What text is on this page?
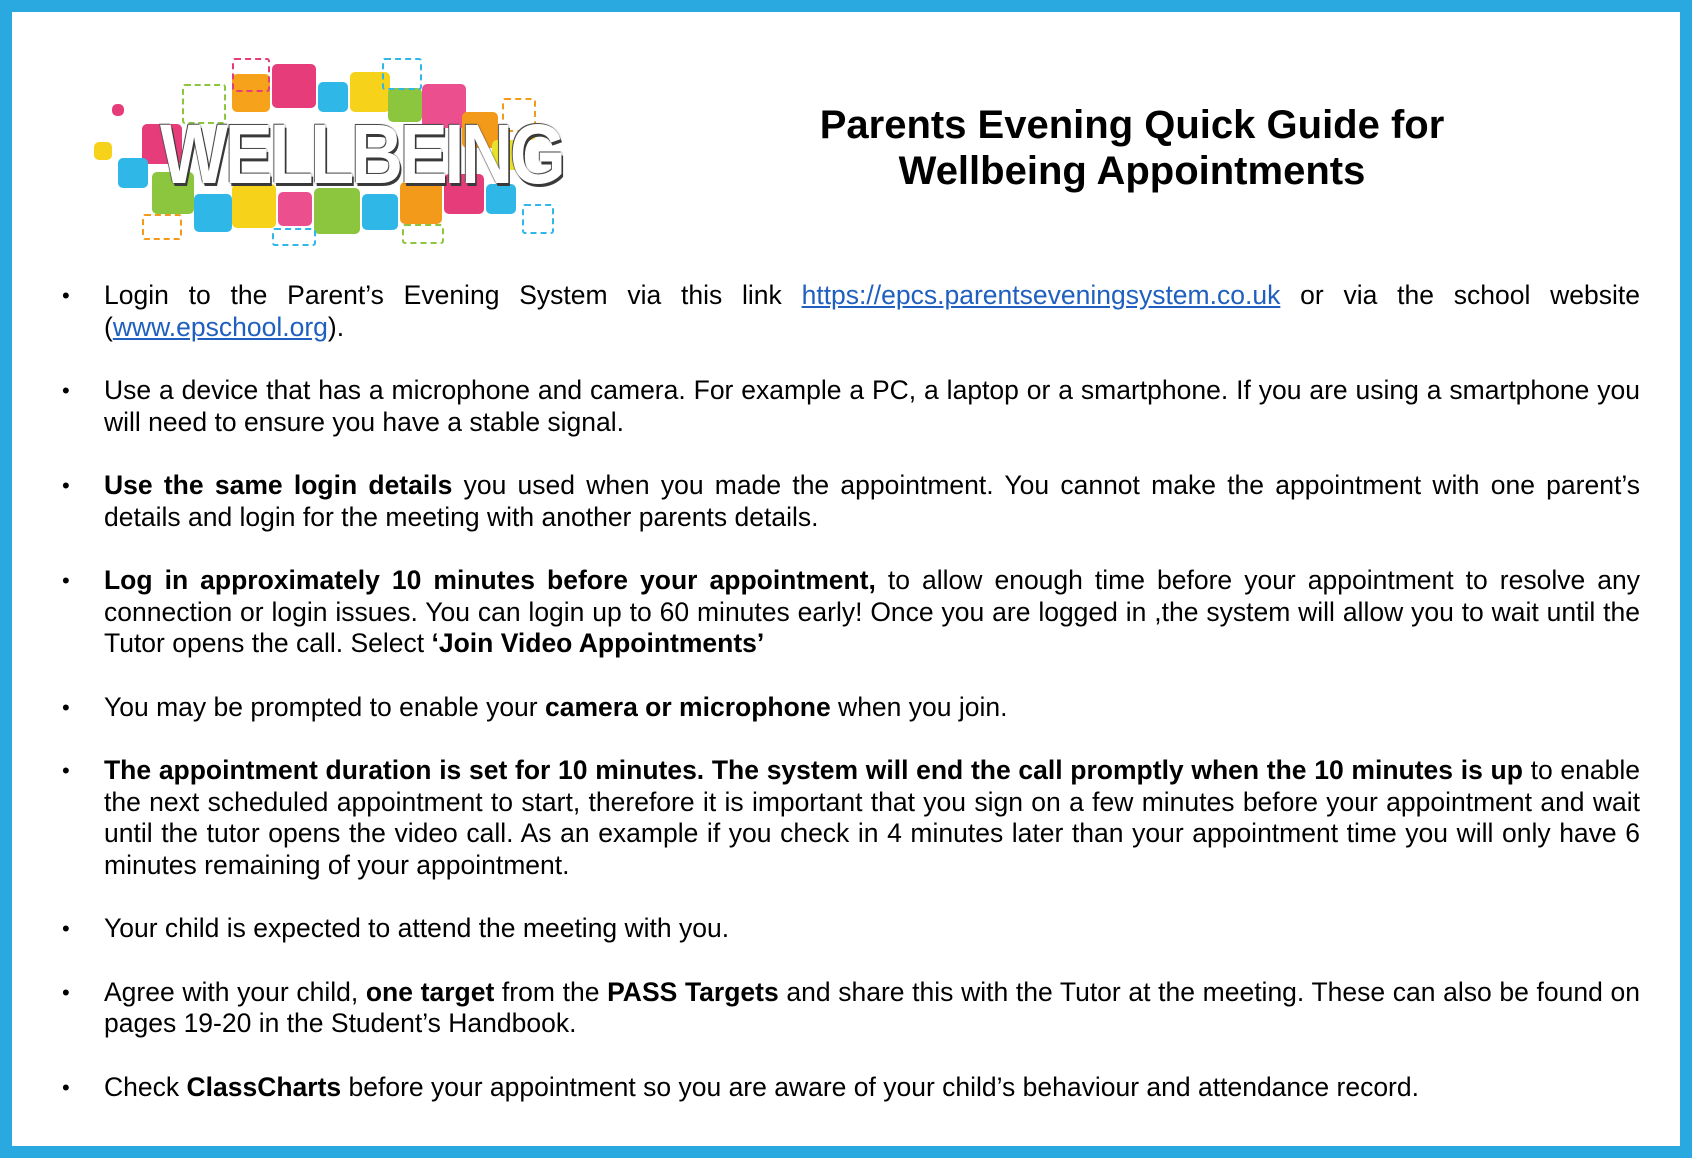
WELLBEING	Parents Evening Quick Guide for
Wellbeing Appointments
• Login to the Parent’s Evening System via this link https://epcs.parentseveningsystem.co.uk or via the school website (www.epschool.org).
• Use a device that has a microphone and camera. For example a PC, a laptop or a smartphone. If you are using a smartphone you will need to ensure you have a stable signal.
• Use the same login details you used when you made the appointment. You cannot make the appointment with one parent’s details and login for the meeting with another parents details.
• Log in approximately 10 minutes before your appointment, to allow enough time before your appointment to resolve any connection or login issues. You can login up to 60 minutes early! Once you are logged in ,the system will allow you to wait until the Tutor opens the call. Select ‘Join Video Appointments’
• You may be prompted to enable your camera or microphone when you join.
• The appointment duration is set for 10 minutes. The system will end the call promptly when the 10 minutes is up to enable the next scheduled appointment to start, therefore it is important that you sign on a few minutes before your appointment and wait until the tutor opens the video call. As an example if you check in 4 minutes later than your appointment time you will only have 6 minutes remaining of your appointment.
• Your child is expected to attend the meeting with you.
• Agree with your child, one target from the PASS Targets and share this with the Tutor at the meeting. These can also be found on pages 19-20 in the Student’s Handbook.
• Check ClassCharts before your appointment so you are aware of your child’s behaviour and attendance record.
